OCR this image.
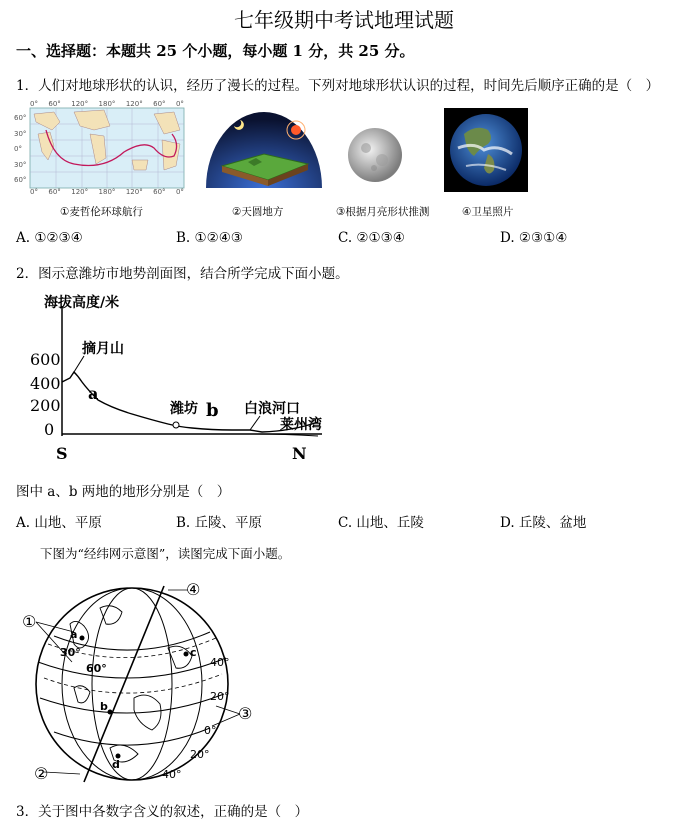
七年级期中考试地理试题
一、选择题：本题共 25 个小题，每小题 1 分，共 25 分。
1．人们对地球形状的认识，经历了漫长的过程。下列对地球形状认识的过程，时间先后顺序正确的是（　）
0° 60° 120° 180° 120° 60° 0°
60°
30°
0°
30°
60°
0° 60° 120° 180° 120° 60° 0°
①麦哲伦环球航行	②天圆地方	③根据月亮形状推测	④卫星照片
A. ①②③④	B. ①②④③	C. ②①③④	D. ②③①④
2．图示意潍坊市地势剖面图，结合所学完成下面小题。
海拔高度/米
600
400
200
0
摘月山
a
潍坊 b 白浪河口
莱州湾
S	N
图中 a、b 两地的地形分别是（　）
A. 山地、平原	B. 丘陵、平原	C. 山地、丘陵	D. 丘陵、盆地
下图为“经纬网示意图”，读图完成下面小题。
①
②
③
④
a
b
c
d
30°
60°	40°
20°
0°
20°
40°
3．关于图中各数字含义的叙述，正确的是（　）
